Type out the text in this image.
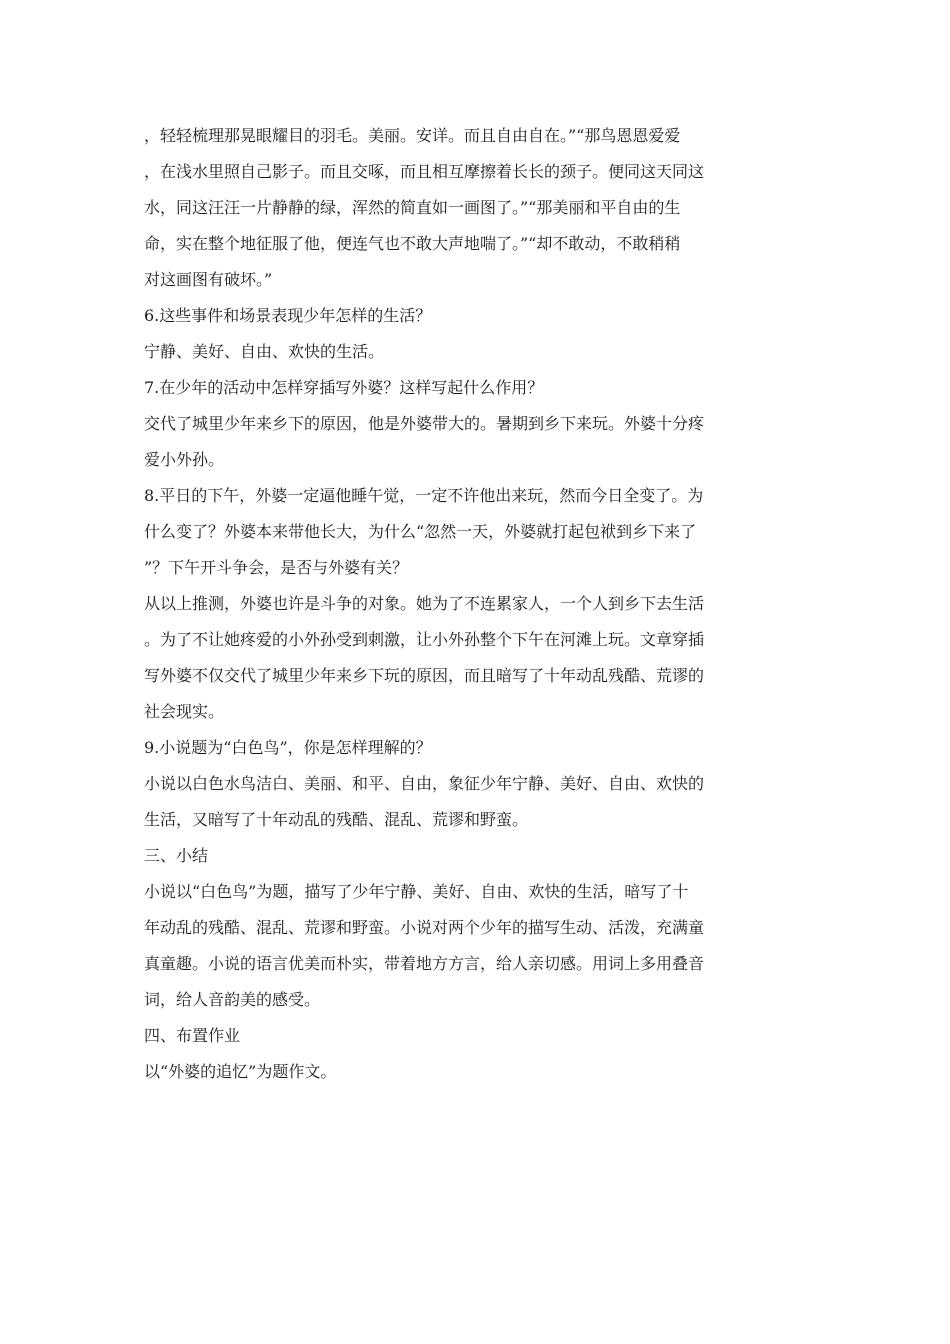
，轻轻梳理那晃眼耀目的羽毛。美丽。安详。而且自由自在。”“那鸟恩恩爱爱
，在浅水里照自己影子。而且交啄，而且相互摩擦着长长的颈子。便同这天同这
水，同这汪汪一片静静的绿，浑然的简直如一画图了。”“那美丽和平自由的生
命，实在整个地征服了他，便连气也不敢大声地喘了。”“却不敢动，不敢稍稍
对这画图有破坏。”
6.这些事件和场景表现少年怎样的生活？
宁静、美好、自由、欢快的生活。
7.在少年的活动中怎样穿插写外婆？这样写起什么作用？
交代了城里少年来乡下的原因，他是外婆带大的。暑期到乡下来玩。外婆十分疼
爱小外孙。
8.平日的下午，外婆一定逼他睡午觉，一定不许他出来玩，然而今日全变了。为
什么变了？外婆本来带他长大，为什么“忽然一天，外婆就打起包袱到乡下来了
”？下午开斗争会，是否与外婆有关？
从以上推测，外婆也许是斗争的对象。她为了不连累家人，一个人到乡下去生活
。为了不让她疼爱的小外孙受到刺激，让小外孙整个下午在河滩上玩。文章穿插
写外婆不仅交代了城里少年来乡下玩的原因，而且暗写了十年动乱残酷、荒谬的
社会现实。
9.小说题为“白色鸟”，你是怎样理解的？
小说以白色水鸟洁白、美丽、和平、自由，象征少年宁静、美好、自由、欢快的
生活，又暗写了十年动乱的残酷、混乱、荒谬和野蛮。
三、小结
小说以“白色鸟”为题，描写了少年宁静、美好、自由、欢快的生活，暗写了十
年动乱的残酷、混乱、荒谬和野蛮。小说对两个少年的描写生动、活泼，充满童
真童趣。小说的语言优美而朴实，带着地方方言，给人亲切感。用词上多用叠音
词，给人音韵美的感受。
四、布置作业
以“外婆的追忆”为题作文。
